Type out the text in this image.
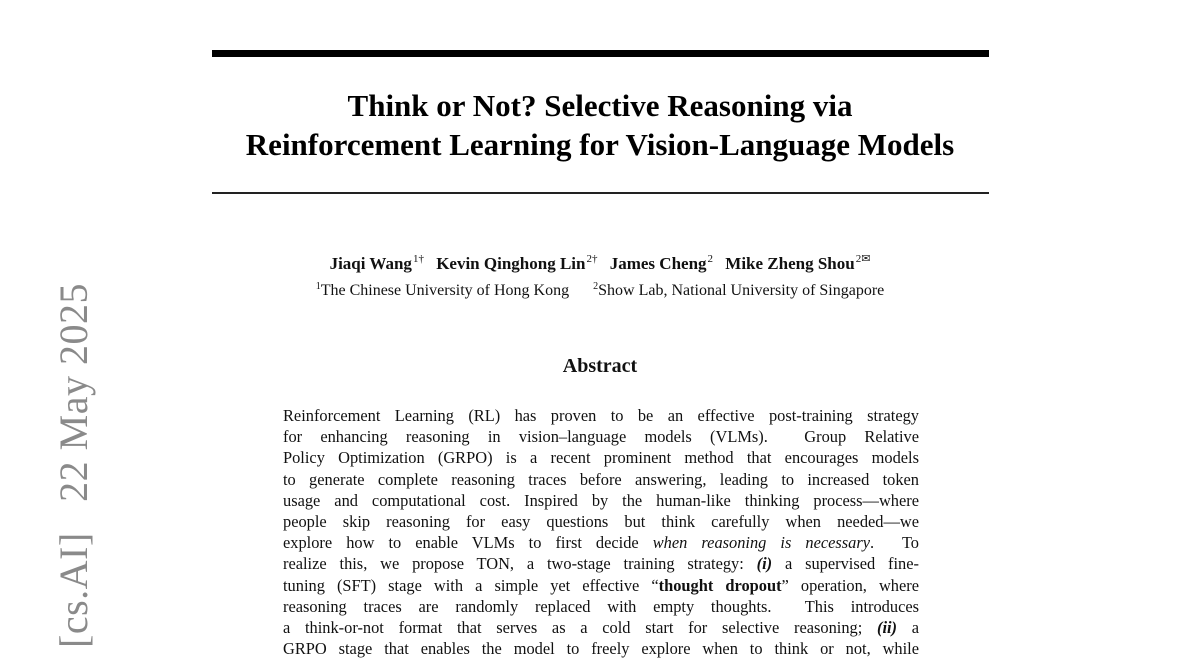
[cs.AI] 22 May 2025
Think or Not? Selective Reasoning via
Reinforcement Learning for Vision-Language Models
Jiaqi Wang$^{1\dagger}$ Kevin Qinghong Lin$^{2\dagger}$ James Cheng$^2$ Mike Zheng Shou$^{2✉}$
$^1$The Chinese University of Hong Kong $^2$Show Lab, National University of Singapore
Abstract
Reinforcement Learning (RL) has proven to be an effective post-training strategy
for enhancing reasoning in vision–language models (VLMs).  Group Relative
Policy Optimization (GRPO) is a recent prominent method that encourages models
to generate complete reasoning traces before answering, leading to increased token
usage and computational cost. Inspired by the human-like thinking process—where
people skip reasoning for easy questions but think carefully when needed—we
explore how to enable VLMs to first decide when reasoning is necessary.  To
realize this, we propose TON, a two-stage training strategy: (i) a supervised fine-
tuning (SFT) stage with a simple yet effective “thought dropout” operation, where
reasoning traces are randomly replaced with empty thoughts.  This introduces
a think-or-not format that serves as a cold start for selective reasoning; (ii) a
GRPO stage that enables the model to freely explore when to think or not, while
